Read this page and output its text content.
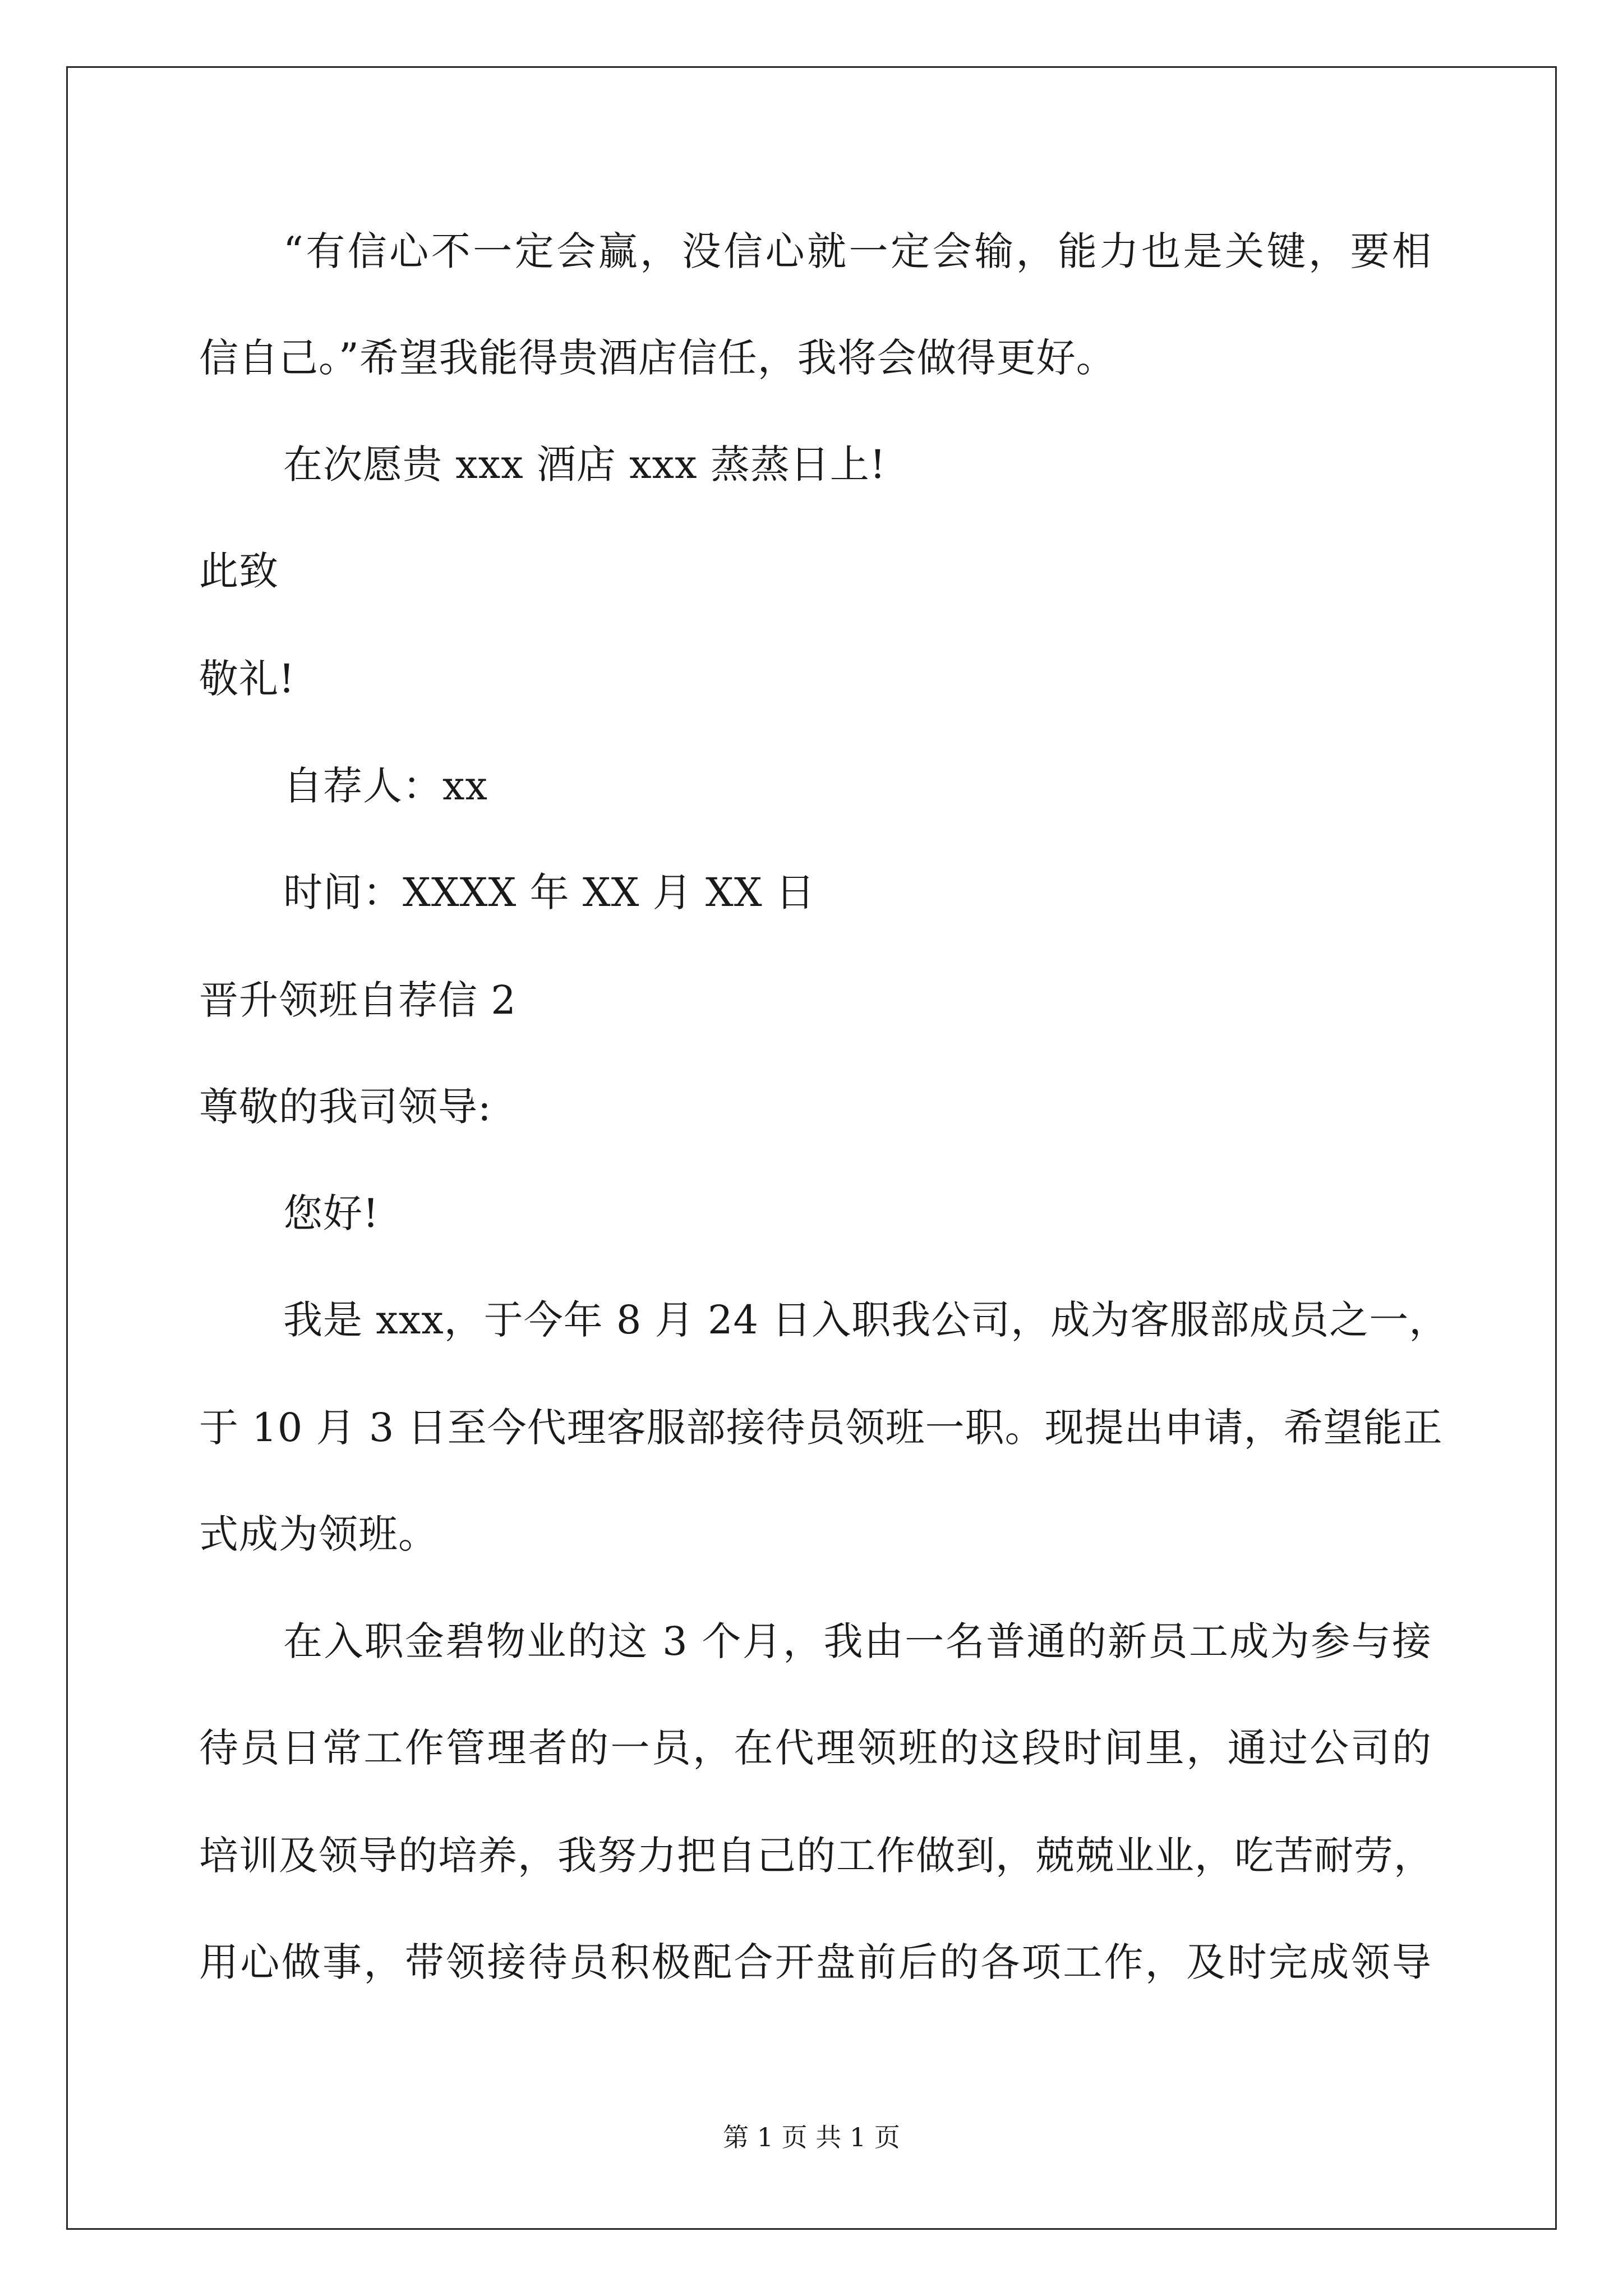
“有信心不一定会赢，没信心就一定会输，能力也是关键，要相
信自己。”希望我能得贵酒店信任，我将会做得更好。
在次愿贵 xxx 酒店 xxx 蒸蒸日上!
此致
敬礼!
自荐人：xx
时间：XXXX 年 XX 月 XX 日
晋升领班自荐信 2
尊敬的我司领导:
您好!
我是 xxx，于今年 8 月 24 日入职我公司，成为客服部成员之一，
于 10 月 3 日至今代理客服部接待员领班一职。现提出申请，希望能正
式成为领班。
在入职金碧物业的这 3 个月，我由一名普通的新员工成为参与接
待员日常工作管理者的一员，在代理领班的这段时间里，通过公司的
培训及领导的培养，我努力把自己的工作做到，兢兢业业，吃苦耐劳，
用心做事，带领接待员积极配合开盘前后的各项工作，及时完成领导
第 1 页 共 1 页
